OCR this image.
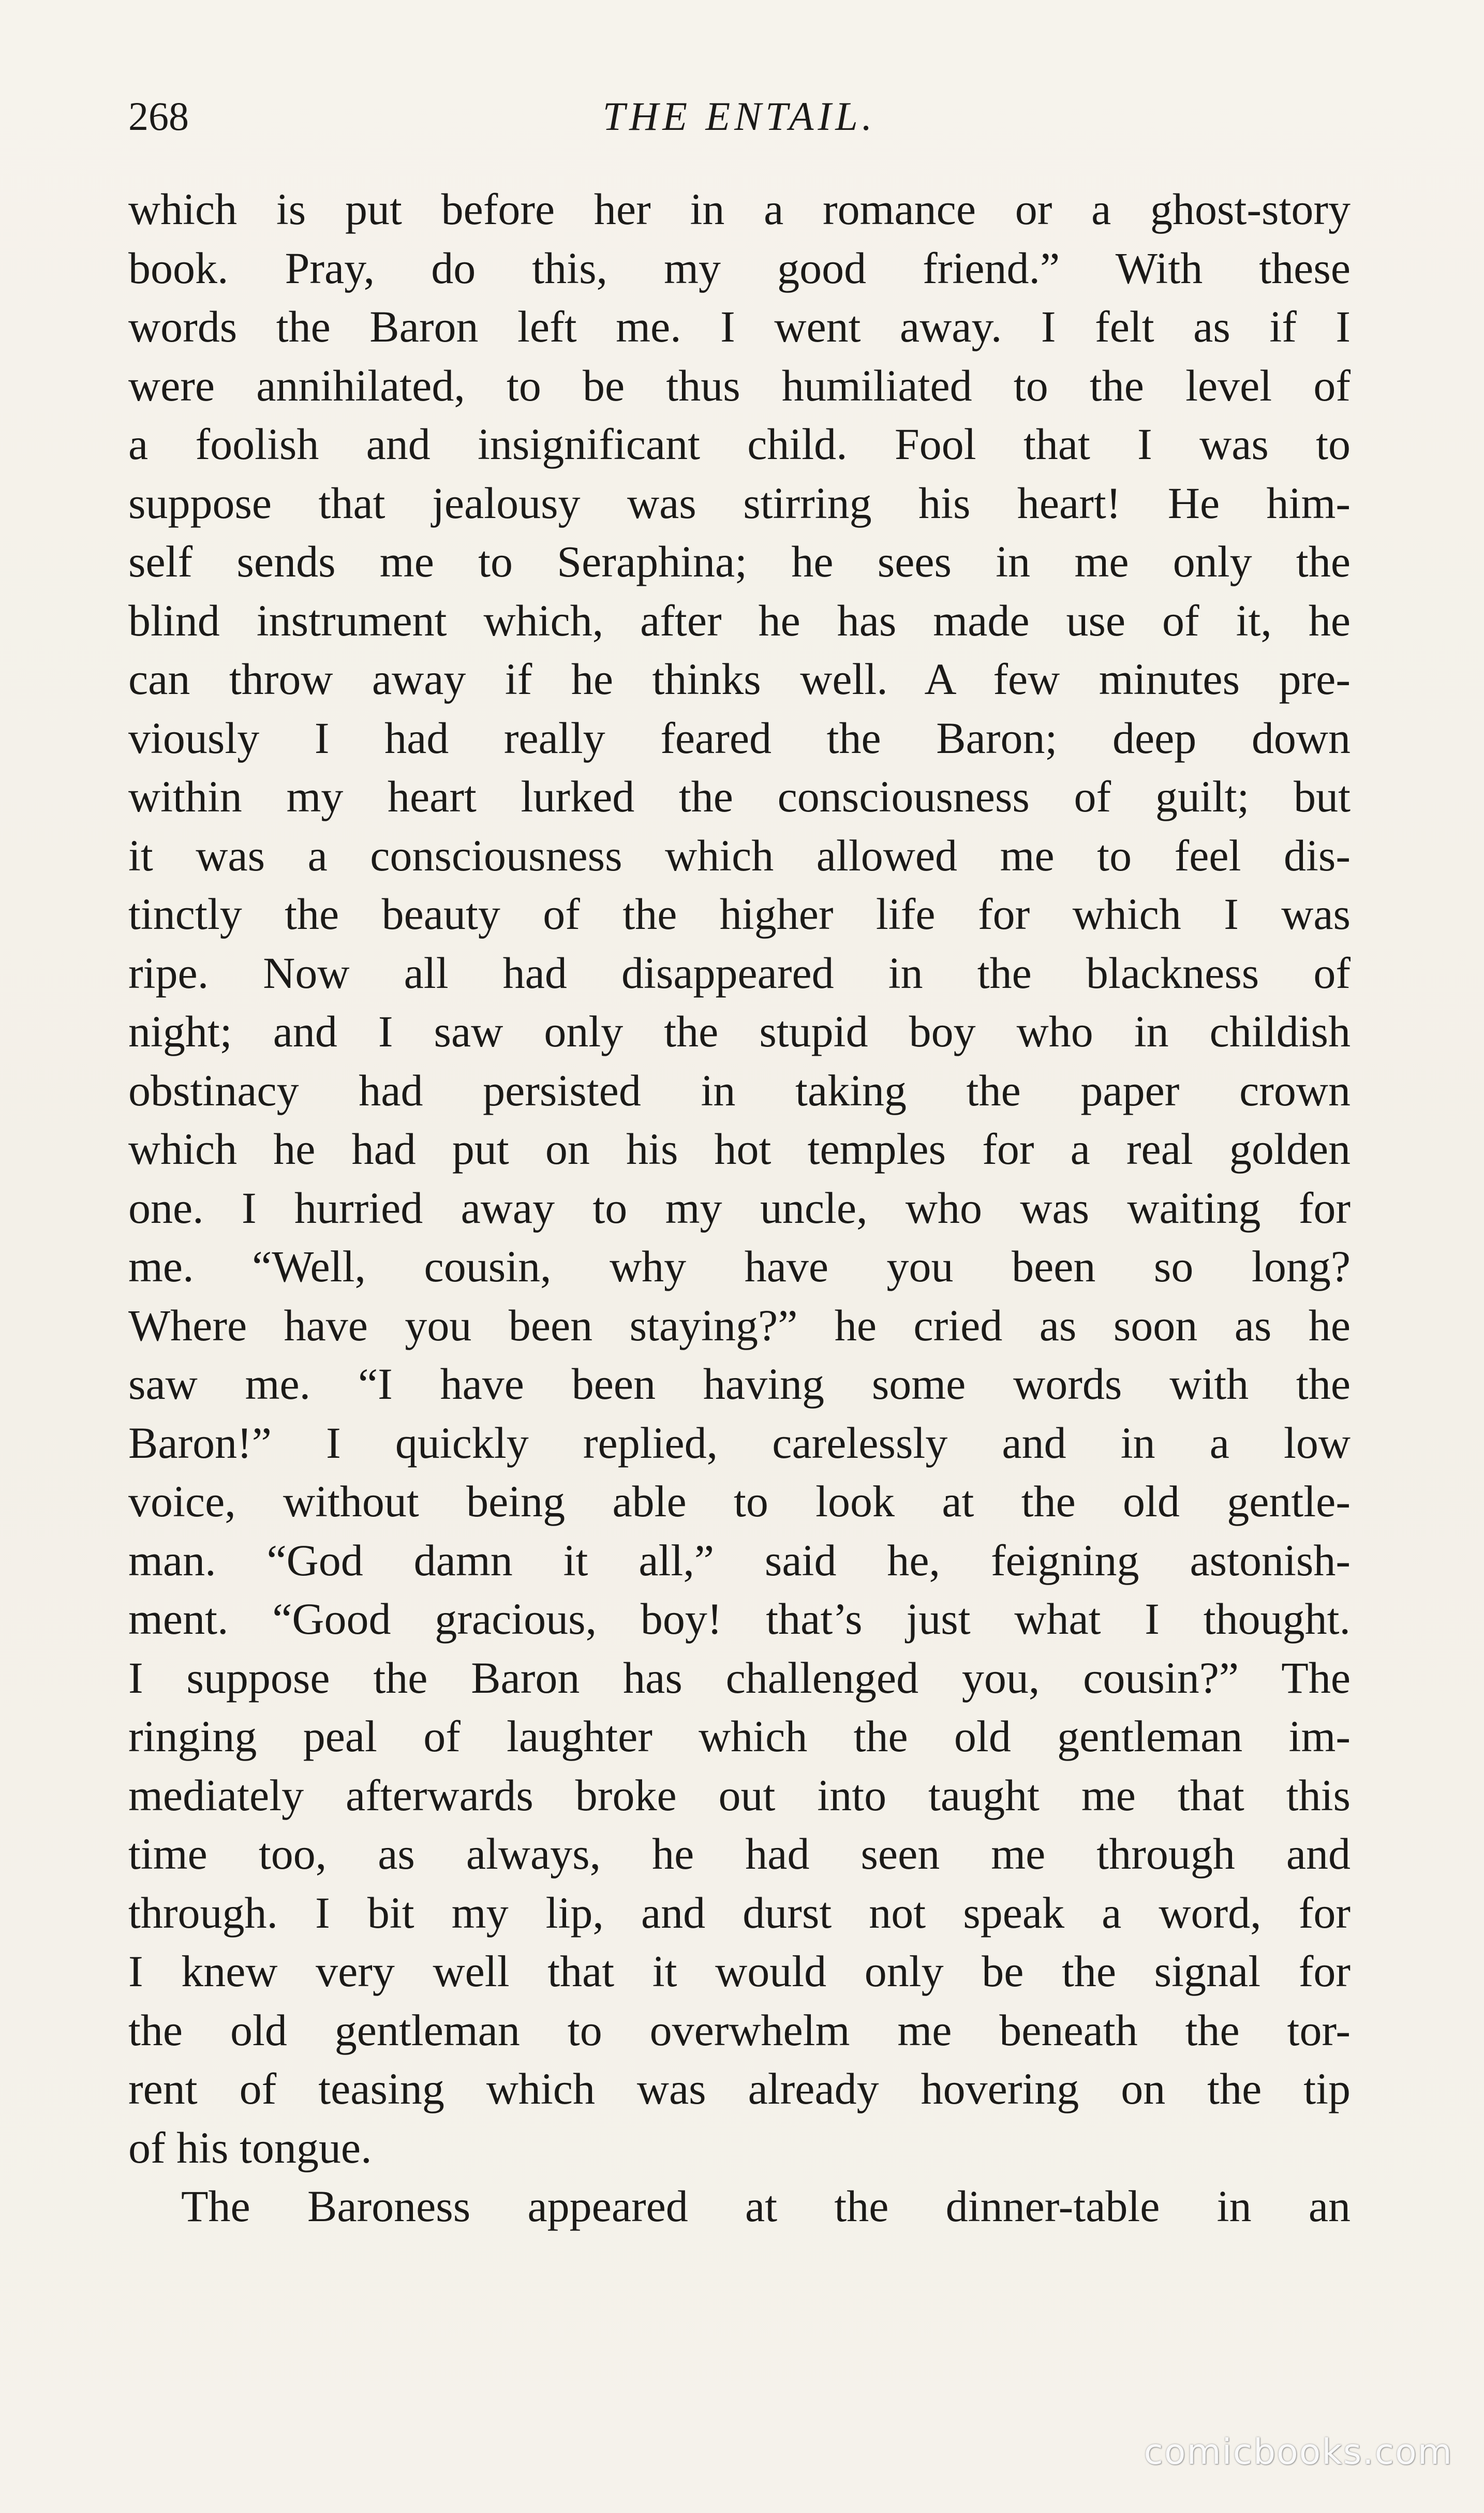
268	THE ENTAIL.
which is put before her in a romance or a ghost-story
book. Pray, do this, my good friend.” With these
words the Baron left me. I went away. I felt as if I
were annihilated, to be thus humiliated to the level of
a foolish and insignificant child. Fool that I was to
suppose that jealousy was stirring his heart! He him-
self sends me to Seraphina; he sees in me only the
blind instrument which, after he has made use of it, he
can throw away if he thinks well. A few minutes pre-
viously I had really feared the Baron; deep down
within my heart lurked the consciousness of guilt; but
it was a consciousness which allowed me to feel dis-
tinctly the beauty of the higher life for which I was
ripe. Now all had disappeared in the blackness of
night; and I saw only the stupid boy who in childish
obstinacy had persisted in taking the paper crown
which he had put on his hot temples for a real golden
one. I hurried away to my uncle, who was waiting for
me. “Well, cousin, why have you been so long?
Where have you been staying?” he cried as soon as he
saw me. “I have been having some words with the
Baron!” I quickly replied, carelessly and in a low
voice, without being able to look at the old gentle-
man. “God damn it all,” said he, feigning astonish-
ment. “Good gracious, boy! that’s just what I thought.
I suppose the Baron has challenged you, cousin?” The
ringing peal of laughter which the old gentleman im-
mediately afterwards broke out into taught me that this
time too, as always, he had seen me through and
through. I bit my lip, and durst not speak a word, for
I knew very well that it would only be the signal for
the old gentleman to overwhelm me beneath the tor-
rent of teasing which was already hovering on the tip
of his tongue.
The Baroness appeared at the dinner-table in an
comicbooks.com
